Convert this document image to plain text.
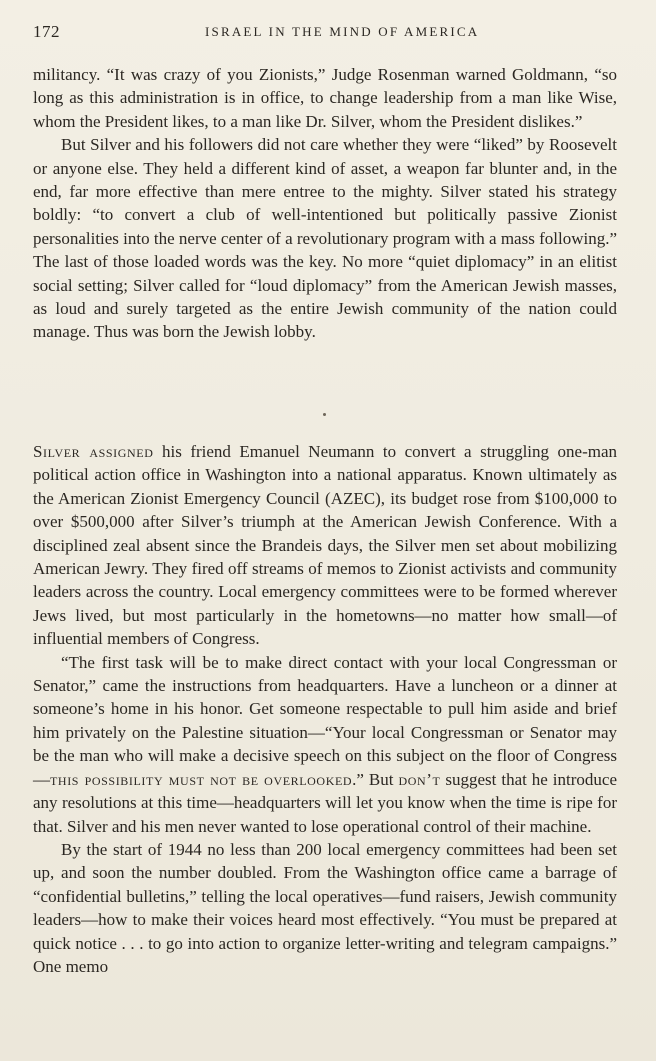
172	ISRAEL IN THE MIND OF AMERICA

militancy. “It was crazy of you Zionists,” Judge Rosenman warned Goldmann, “so long as this administration is in office, to change leadership from a man like Wise, whom the President likes, to a man like Dr. Silver, whom the President dislikes.”

But Silver and his followers did not care whether they were “liked” by Roosevelt or anyone else. They held a different kind of asset, a weapon far blunter and, in the end, far more effective than mere entree to the mighty. Silver stated his strategy boldly: “to convert a club of well-intentioned but politically passive Zionist personalities into the nerve center of a revolutionary program with a mass following.” The last of those loaded words was the key. No more “quiet diplomacy” in an elitist social setting; Silver called for “loud diplomacy” from the American Jewish masses, as loud and surely targeted as the entire Jewish community of the nation could manage. Thus was born the Jewish lobby.

Silver assigned his friend Emanuel Neumann to convert a struggling one-man political action office in Washington into a national apparatus. Known ultimately as the American Zionist Emergency Council (AZEC), its budget rose from $100,000 to over $500,000 after Silver’s triumph at the American Jewish Conference. With a disciplined zeal absent since the Brandeis days, the Silver men set about mobilizing American Jewry. They fired off streams of memos to Zionist activists and community leaders across the country. Local emergency committees were to be formed wherever Jews lived, but most particularly in the hometowns—no matter how small—of influential members of Congress.

“The first task will be to make direct contact with your local Congressman or Senator,” came the instructions from headquarters. Have a luncheon or a dinner at someone’s home in his honor. Get someone respectable to pull him aside and brief him privately on the Palestine situation—“Your local Congressman or Senator may be the man who will make a decisive speech on this subject on the floor of Congress—this possibility must not be overlooked.” But don’t suggest that he introduce any resolutions at this time—headquarters will let you know when the time is ripe for that. Silver and his men never wanted to lose operational control of their machine.

By the start of 1944 no less than 200 local emergency committees had been set up, and soon the number doubled. From the Washington office came a barrage of “confidential bulletins,” telling the local operatives—fund raisers, Jewish community leaders—how to make their voices heard most effectively. “You must be prepared at quick notice . . . to go into action to organize letter-writing and telegram campaigns.” One memo
